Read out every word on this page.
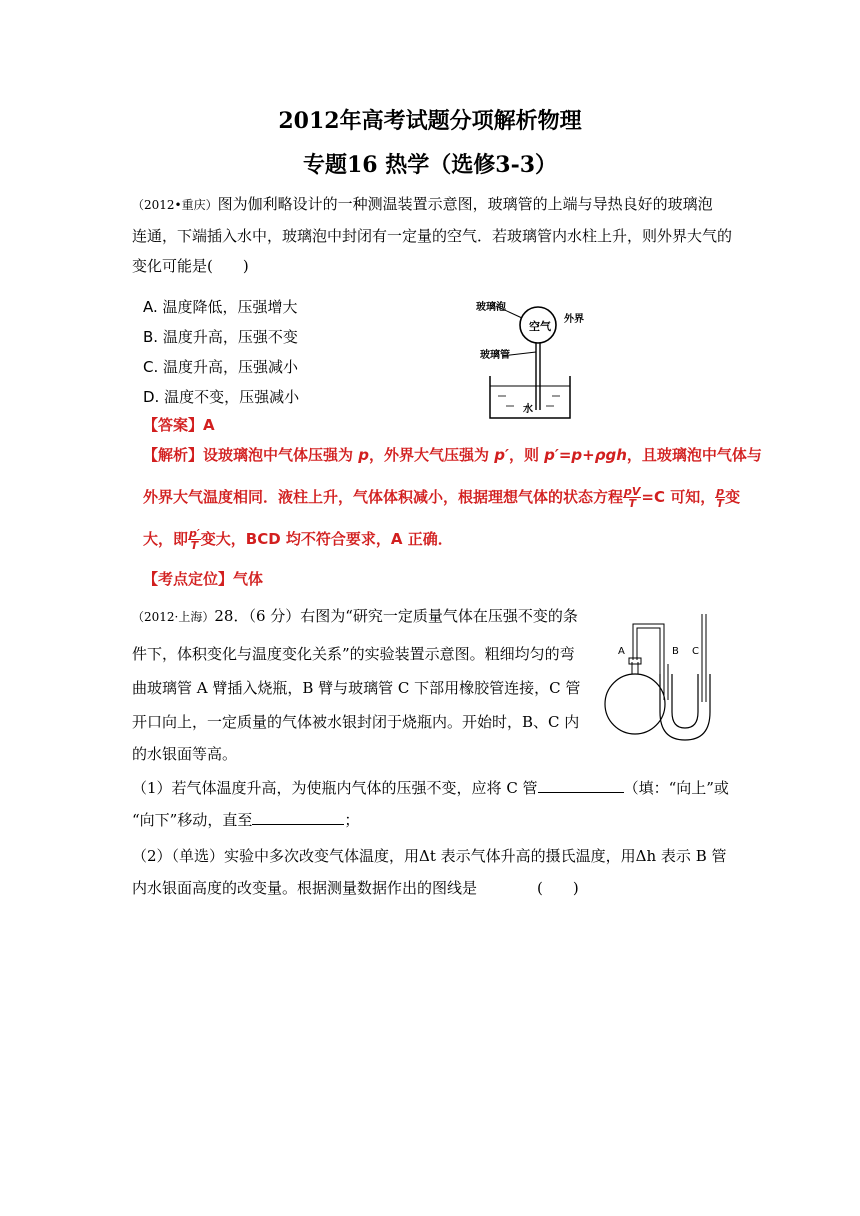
2012年高考试题分项解析物理
专题16 热学（选修3-3）
（2012•重庆）图为伽利略设计的一种测温装置示意图，玻璃管的上端与导热良好的玻璃泡
连通，下端插入水中，玻璃泡中封闭有一定量的空气．若玻璃管内水柱上升，则外界大气的
变化可能是(　　)
A. 温度降低，压强增大
B. 温度升高，压强不变
C. 温度升高，压强减小
D. 温度不变，压强减小
玻璃泡
空气
外界
玻璃管
水
【答案】A
【解析】设玻璃泡中气体压强为 p，外界大气压强为 p′，则 p′=p+ρgh，且玻璃泡中气体与
外界大气温度相同．液柱上升，气体体积减小，根据理想气体的状态方程 $\frac{pV}{T} =C$ 可知， $\frac{p}{T}$ 变
大，即 $\frac{p'}{T}$ 变大，BCD 均不符合要求，A 正确．
【考点定位】气体
（2012·上海）28．（6 分）右图为“研究一定质量气体在压强不变的条
件下，体积变化与温度变化关系”的实验装置示意图。粗细均匀的弯
曲玻璃管 A 臂插入烧瓶，B 臂与玻璃管 C 下部用橡胶管连接，C 管
开口向上，一定质量的气体被水银封闭于烧瓶内。开始时，B、C 内
的水银面等高。
A	B C
（1）若气体温度升高，为使瓶内气体的压强不变，应将 C 管	（填：“向上”或
“向下”移动，直至	；
（2）（单选）实验中多次改变气体温度，用Δt 表示气体升高的摄氏温度，用Δh 表示 B 管
内水银面高度的改变量。根据测量数据作出的图线是	(　　)
